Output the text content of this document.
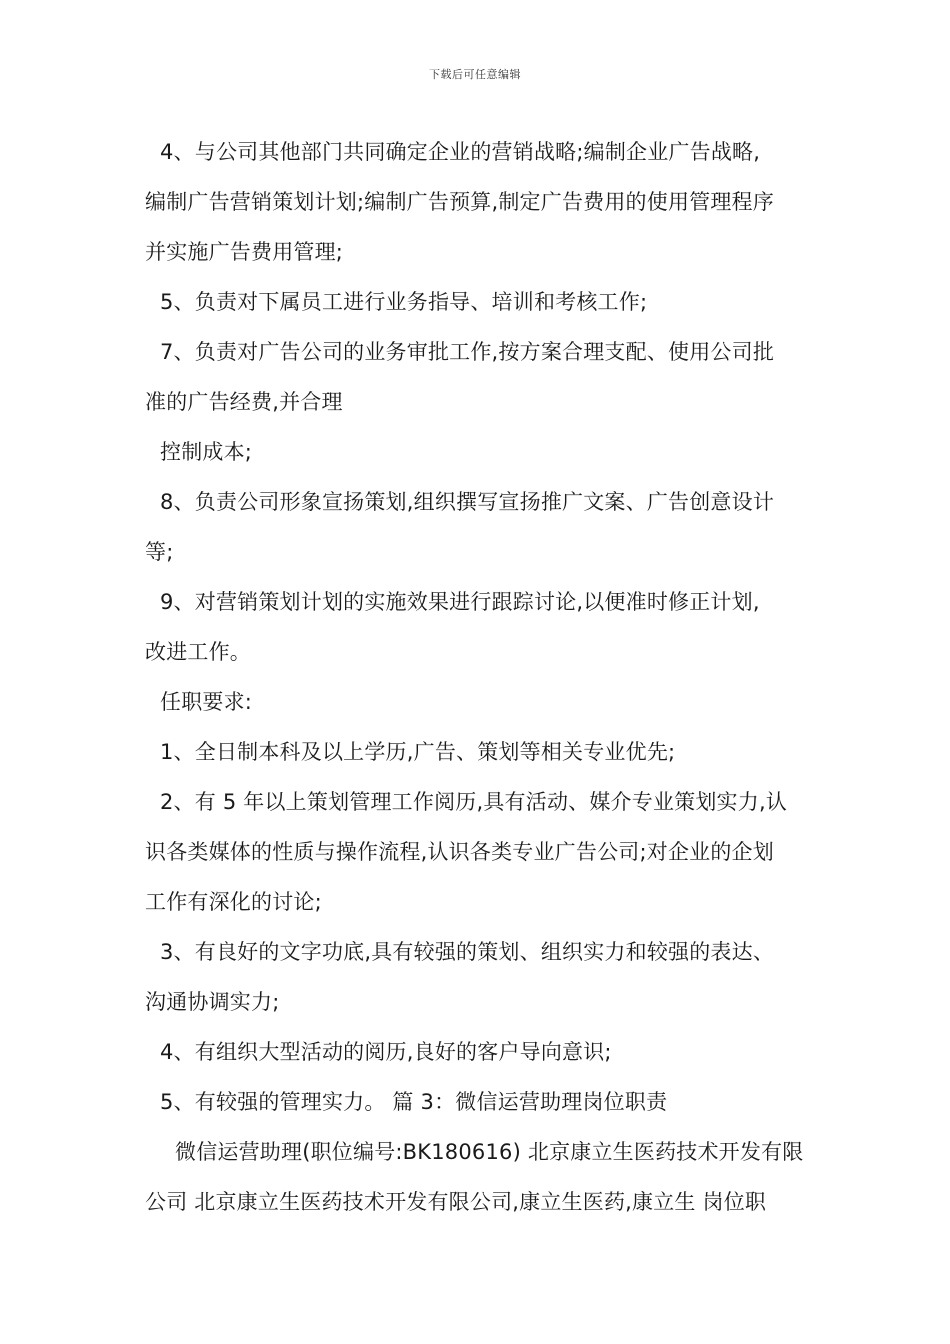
下载后可任意编辑
4、与公司其他部门共同确定企业的营销战略;编制企业广告战略,
编制广告营销策划计划;编制广告预算,制定广告费用的使用管理程序
并实施广告费用管理;
5、负责对下属员工进行业务指导、培训和考核工作;
7、负责对广告公司的业务审批工作,按方案合理支配、使用公司批
准的广告经费,并合理
控制成本;
8、负责公司形象宣扬策划,组织撰写宣扬推广文案、广告创意设计
等;
9、对营销策划计划的实施效果进行跟踪讨论,以便准时修正计划,
改进工作。
任职要求:
1、全日制本科及以上学历,广告、策划等相关专业优先;
2、有 5 年以上策划管理工作阅历,具有活动、媒介专业策划实力,认
识各类媒体的性质与操作流程,认识各类专业广告公司;对企业的企划
工作有深化的讨论;
3、有良好的文字功底,具有较强的策划、组织实力和较强的表达、
沟通协调实力;
4、有组织大型活动的阅历,良好的客户导向意识;
5、有较强的管理实力。 篇 3：微信运营助理岗位职责
微信运营助理(职位编号:BK180616) 北京康立生医药技术开发有限
公司 北京康立生医药技术开发有限公司,康立生医药,康立生 岗位职
